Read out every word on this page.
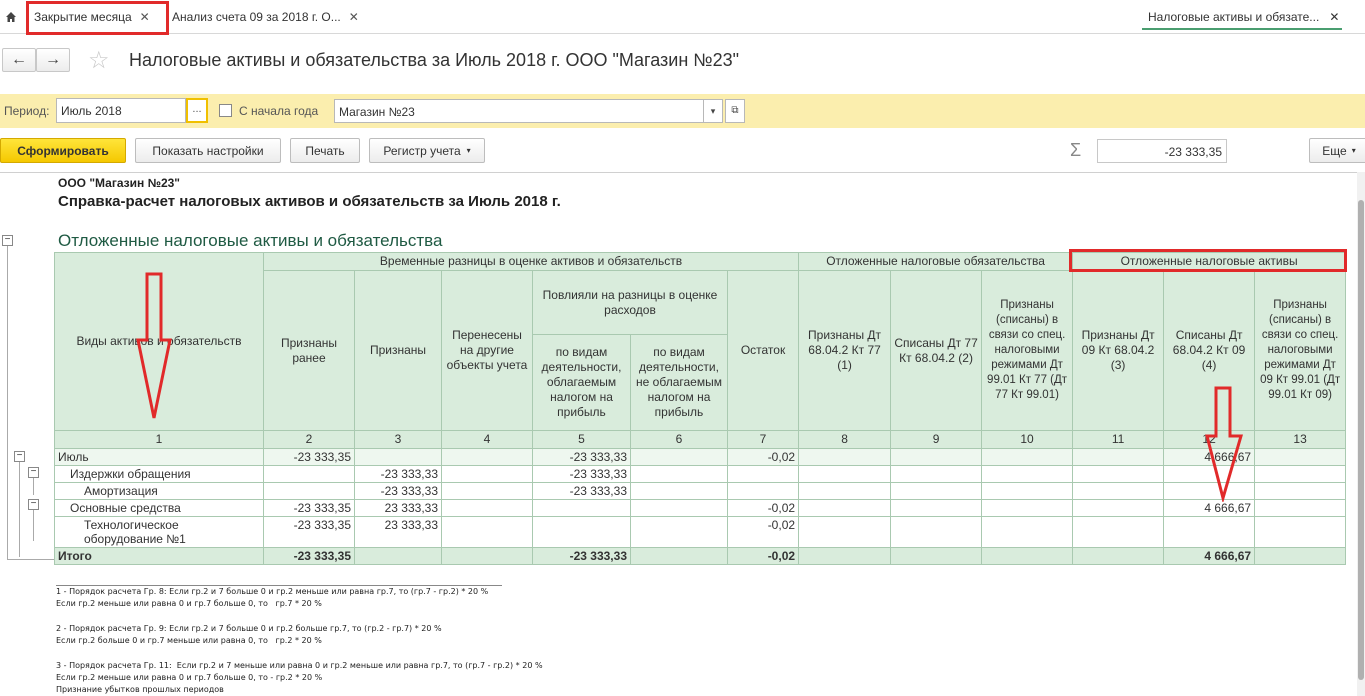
Закрытие месяца ✕ Анализ счета 09 за 2018 г. О... ✕	Налоговые активы и обязате... ✕
← → ☆ Налоговые активы и обязательства за Июль 2018 г. ООО "Магазин №23"
Период: Июль 2018	...	С начала года	Магазин №23	▾	⧉
Сформировать	Показать настройки	Печать	Регистр учета ▾	Σ	-23 333,35	Еще ▾
ООО "Магазин №23"
Справка-расчет налоговых активов и обязательств за Июль 2018 г.
Отложенные налоговые активы и обязательства
−
−
−
−
Виды активов и обязательств	Временные разницы в оценке активов и обязательств						Отложенные налоговые обязательства			Отложенные налоговые активы		
	Признаны ранее	Признаны	Перенесены на другие объекты учета	Повлияли на разницы в оценке расходов		Остаток	Признаны Дт 68.04.2 Кт 77 (1)	Списаны Дт 77 Кт 68.04.2 (2)	Признаны (списаны) в связи со спец. налоговыми режимами Дт 99.01 Кт 77 (Дт 77 Кт 99.01)	Признаны Дт 09 Кт 68.04.2 (3)	Списаны Дт 68.04.2 Кт 09 (4)	Признаны (списаны) в связи со спец. налоговыми режимами Дт 09 Кт 99.01 (Дт 99.01 Кт 09)
				по видам деятельности, облагаемым налогом на прибыль	по видам деятельности, не облагаемым налогом на прибыль							
1	2	3	4	5	6	7	8	9	10	11	12	13
Июль	-23 333,35			-23 333,33		-0,02					4 666,67	
Издержки обращения		-23 333,33		-23 333,33								
Амортизация		-23 333,33		-23 333,33								
Основные средства	-23 333,35	23 333,33				-0,02					4 666,67	
Технологическое оборудование №1	-23 333,35	23 333,33				-0,02						
Итого	-23 333,35			-23 333,33		-0,02					4 666,67	
1 - Порядок расчета Гр. 8: Если гр.2 и 7 больше 0 и гр.2 меньше или равна гр.7, то (гр.7 - гр.2) * 20 %
Если гр.2 меньше или равна 0 и гр.7 больше 0, то   гр.7 * 20 %

2 - Порядок расчета Гр. 9: Если гр.2 и 7 больше 0 и гр.2 больше гр.7, то (гр.2 - гр.7) * 20 %
Если гр.2 больше 0 и гр.7 меньше или равна 0, то   гр.2 * 20 %

3 - Порядок расчета Гр. 11:  Если гр.2 и 7 меньше или равна 0 и гр.2 меньше или равна гр.7, то (гр.7 - гр.2) * 20 %
Если гр.2 меньше или равна 0 и гр.7 больше 0, то - гр.2 * 20 %
Признание убытков прошлых периодов
